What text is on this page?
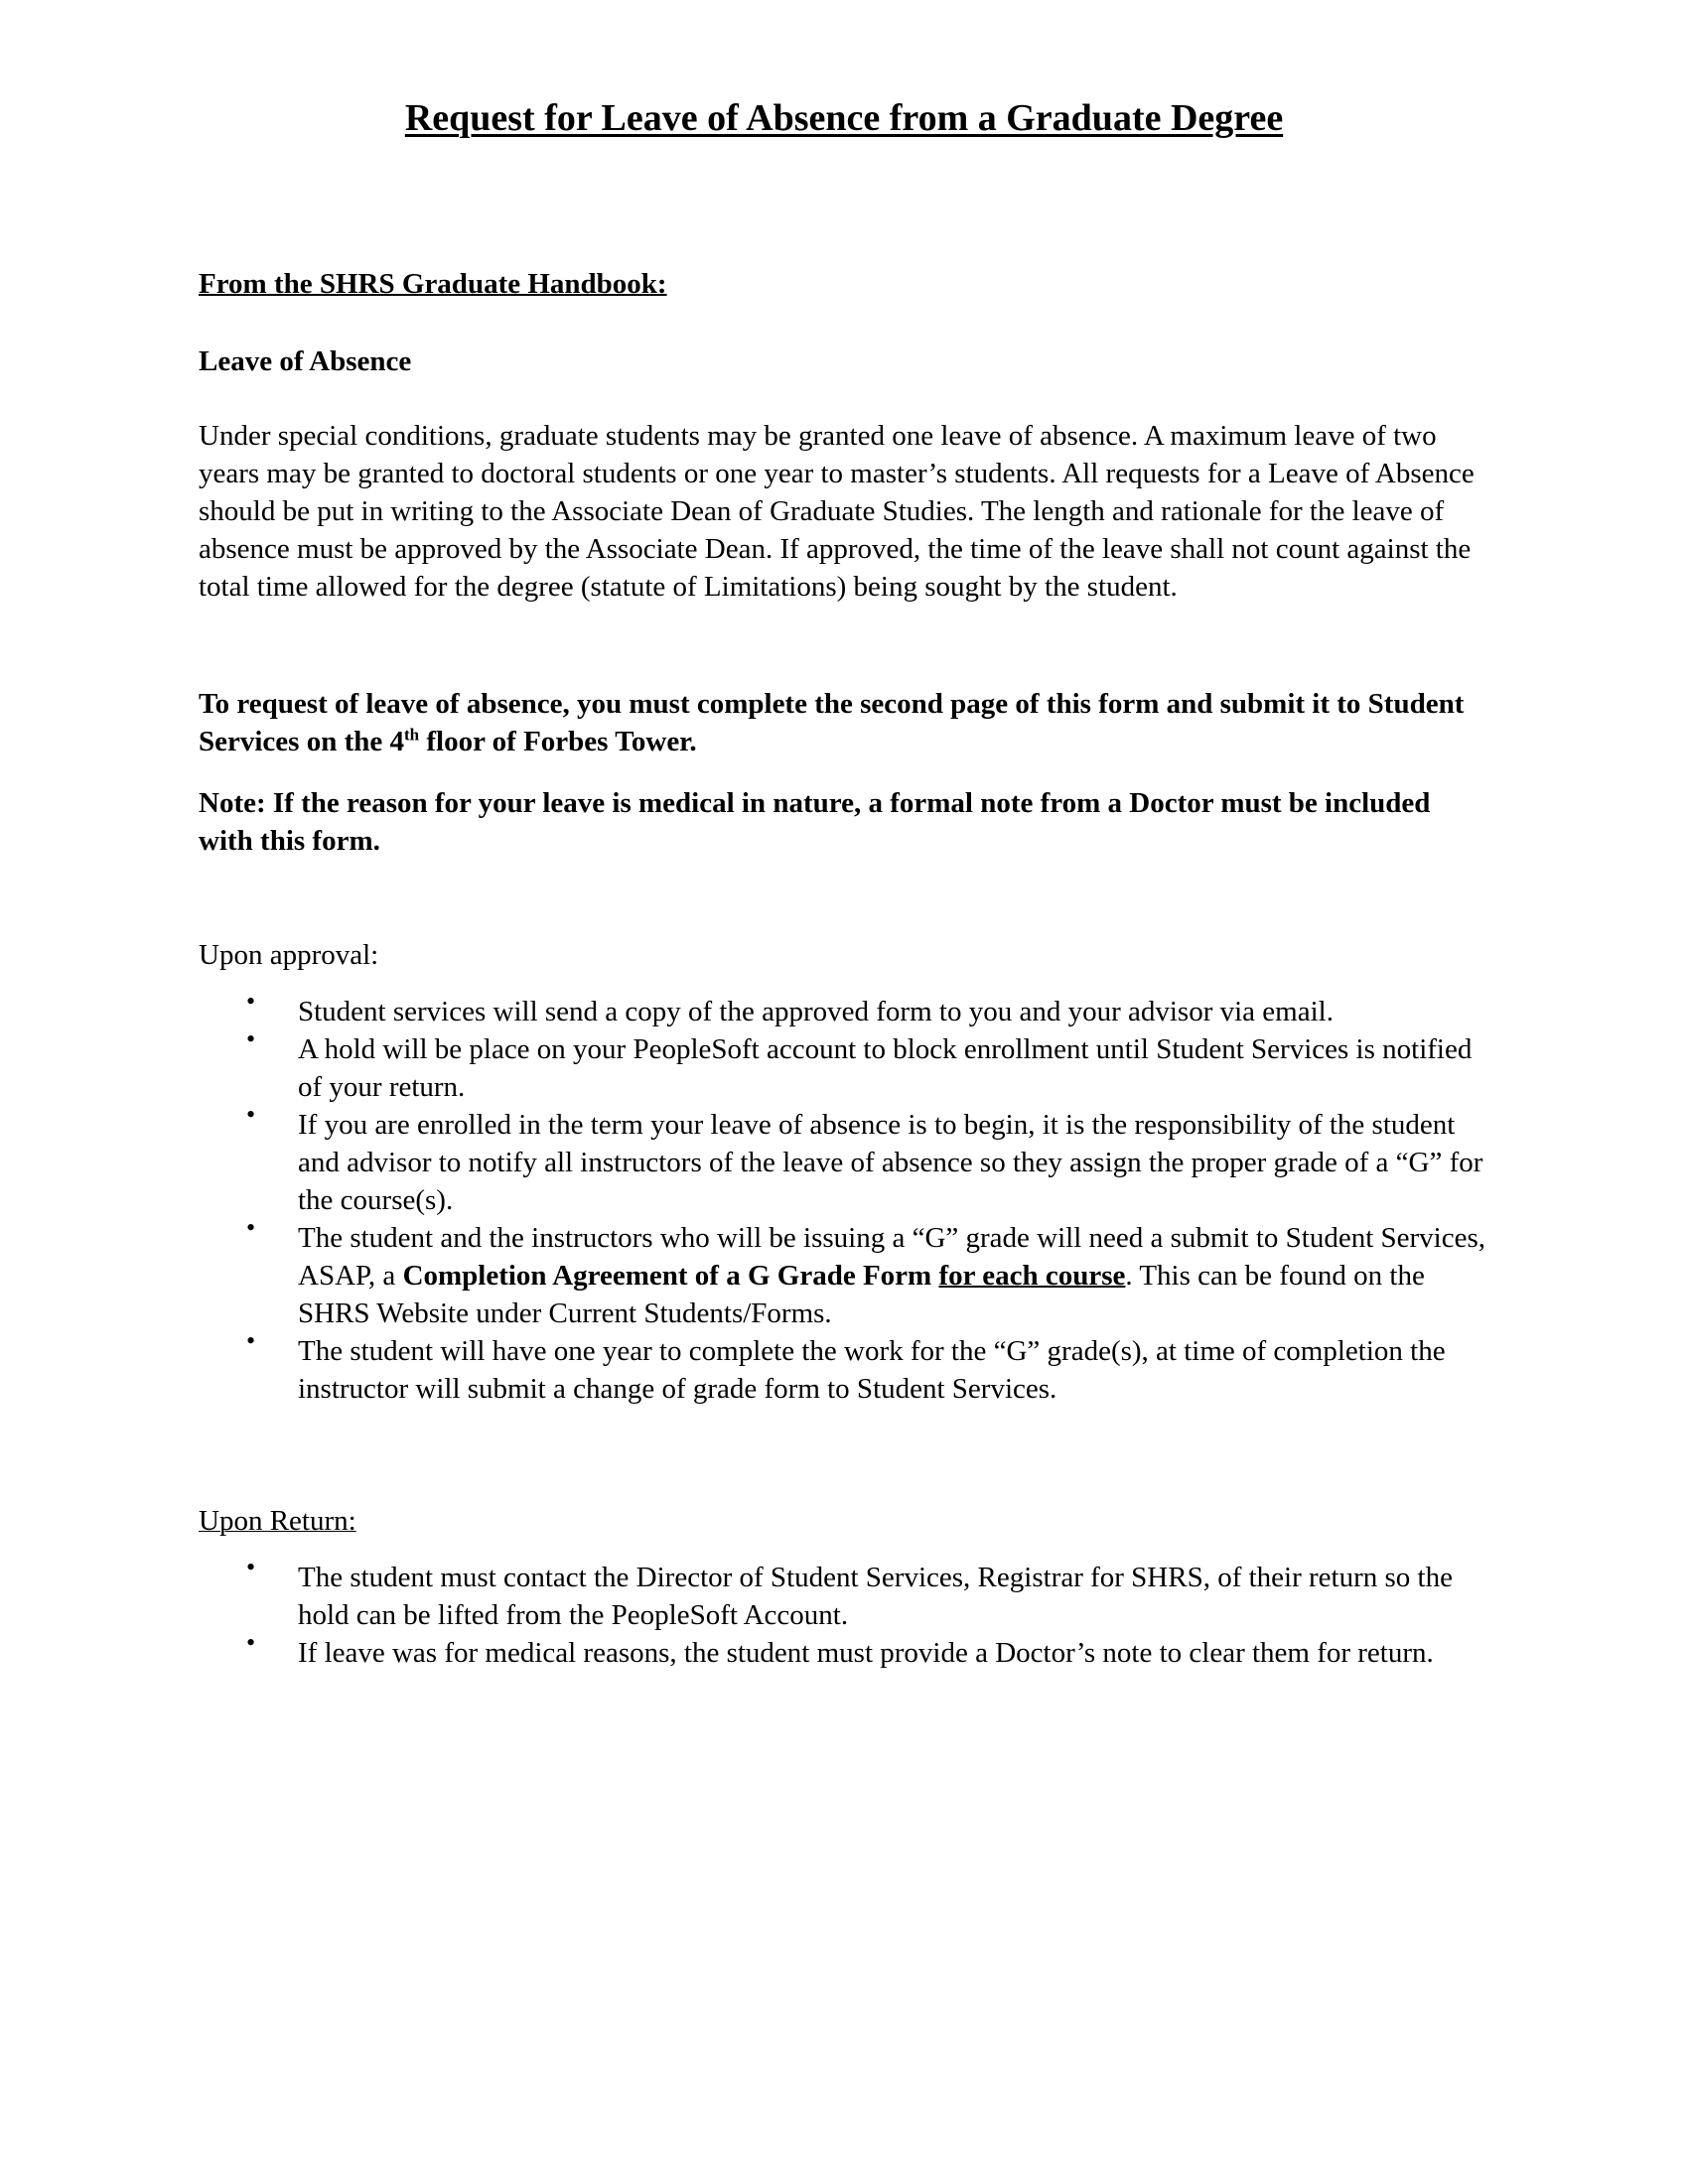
Request for Leave of Absence from a Graduate Degree
From the SHRS Graduate Handbook:
Leave of Absence

Under special conditions, graduate students may be granted one leave of absence. A maximum leave of two years may be granted to doctoral students or one year to master’s students. All requests for a Leave of Absence should be put in writing to the Associate Dean of Graduate Studies. The length and rationale for the leave of absence must be approved by the Associate Dean. If approved, the time of the leave shall not count against the total time allowed for the degree (statute of Limitations) being sought by the student.

To request of leave of absence, you must complete the second page of this form and submit it to Student Services on the 4th floor of Forbes Tower.

Note: If the reason for your leave is medical in nature, a formal note from a Doctor must be included with this form.

Upon approval:
• Student services will send a copy of the approved form to you and your advisor via email.
• A hold will be place on your PeopleSoft account to block enrollment until Student Services is notified of your return.
• If you are enrolled in the term your leave of absence is to begin, it is the responsibility of the student and advisor to notify all instructors of the leave of absence so they assign the proper grade of a “G” for the course(s).
• The student and the instructors who will be issuing a “G” grade will need a submit to Student Services, ASAP, a Completion Agreement of a G Grade Form for each course. This can be found on the SHRS Website under Current Students/Forms.
• The student will have one year to complete the work for the “G” grade(s), at time of completion the instructor will submit a change of grade form to Student Services.
Upon Return:
• The student must contact the Director of Student Services, Registrar for SHRS, of their return so the hold can be lifted from the PeopleSoft Account.
• If leave was for medical reasons, the student must provide a Doctor’s note to clear them for return.
